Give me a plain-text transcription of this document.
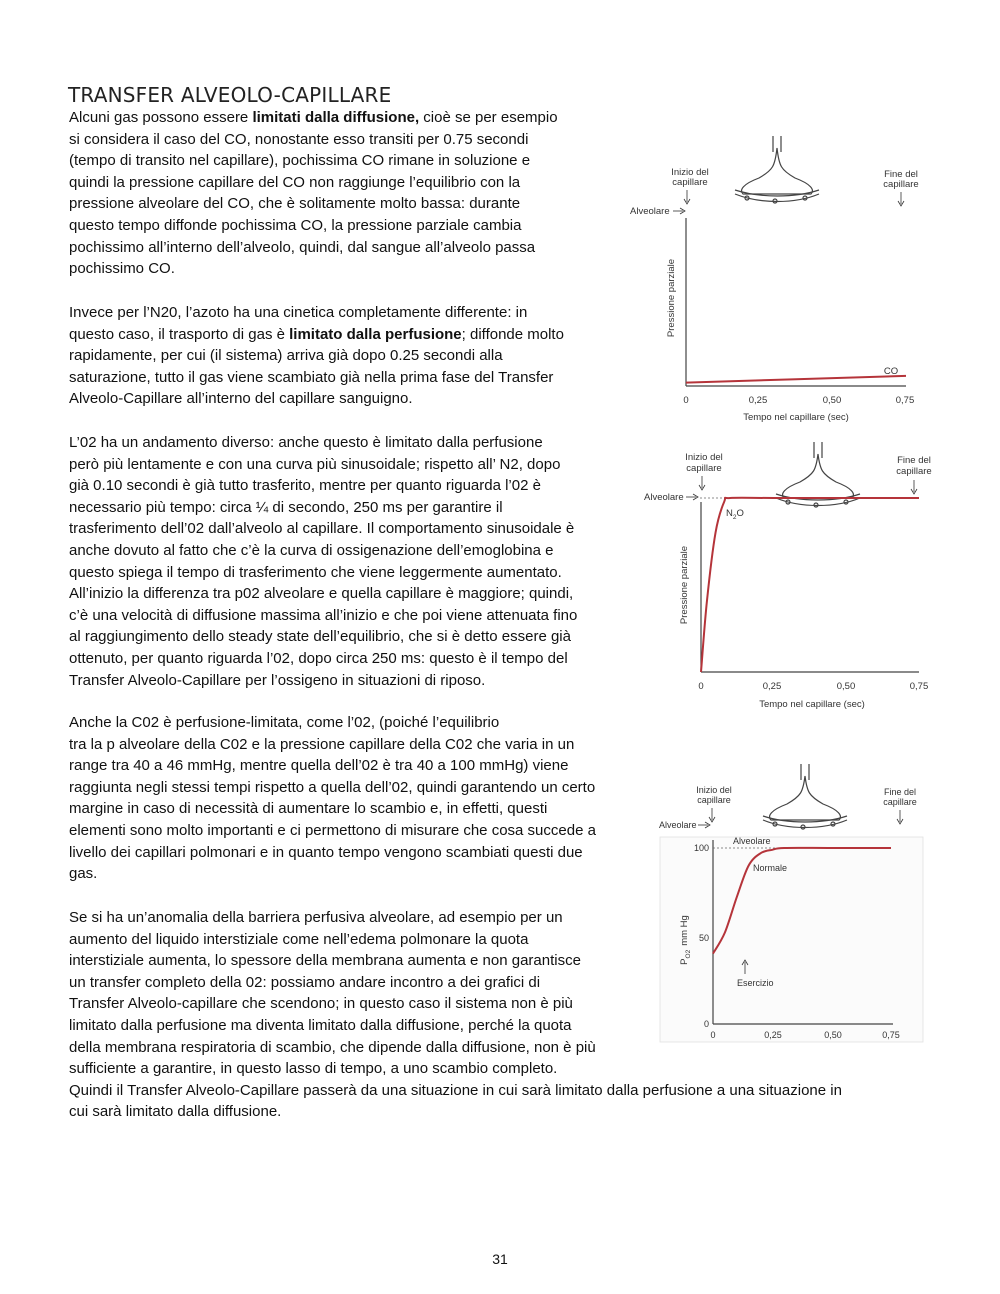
TRANSFER ALVEOLO-CAPILLARE
Alcuni gas possono essere limitati dalla diffusione, cioè se per esempio
si considera il caso del CO, nonostante esso transiti per 0.75 secondi
(tempo di transito nel capillare), pochissima CO rimane in soluzione e
quindi la pressione capillare del CO non raggiunge l’equilibrio con la
pressione alveolare del CO, che è solitamente molto bassa: durante
questo tempo diffonde pochissima CO, la pressione parziale cambia
pochissimo all’interno dell’alveolo, quindi, dal sangue all’alveolo passa
pochissimo CO.
Invece per l’N20, l’azoto ha una cinetica completamente differente: in
questo caso, il trasporto di gas è limitato dalla perfusione; diffonde molto
rapidamente, per cui (il sistema) arriva già dopo 0.25 secondi alla
saturazione, tutto il gas viene scambiato già nella prima fase del Transfer
Alveolo-Capillare all’interno del capillare sanguigno.
L’02 ha un andamento diverso: anche questo è limitato dalla perfusione
però più lentamente e con una curva più sinusoidale; rispetto all’ N2, dopo
già 0.10 secondi è già tutto trasferito, mentre per quanto riguarda l’02 è
necessario più tempo: circa ¼ di secondo, 250 ms per garantire il
trasferimento dell’02 dall’alveolo al capillare. Il comportamento sinusoidale è
anche dovuto al fatto che c’è la curva di ossigenazione dell’emoglobina e
questo spiega il tempo di trasferimento che viene leggermente aumentato.
All’inizio la differenza tra p02 alveolare e quella capillare è maggiore; quindi,
c’è una velocità di diffusione massima all’inizio e che poi viene attenuata fino
al raggiungimento dello steady state dell’equilibrio, che si è detto essere già
ottenuto, per quanto riguarda l’02, dopo circa 250 ms: questo è il tempo del
Transfer Alveolo-Capillare per l’ossigeno in situazioni di riposo.
Anche la C02 è perfusione-limitata, come l’02, (poiché l’equilibrio
tra la p alveolare della C02 e la pressione capillare della C02 che varia in un
range tra 40 a 46 mmHg, mentre quella dell’02 è tra 40 a 100 mmHg) viene
raggiunta negli stessi tempi rispetto a quella dell’02, quindi garantendo un certo
margine in caso di necessità di aumentare lo scambio e, in effetti, questi
elementi sono molto importanti e ci permettono di misurare che cosa succede a
livello dei capillari polmonari e in quanto tempo vengono scambiati questi due
gas.
Se si ha un’anomalia della barriera perfusiva alveolare, ad esempio per un
aumento del liquido interstiziale come nell’edema polmonare la quota
interstiziale aumenta, lo spessore della membrana aumenta e non garantisce
un transfer completo della 02: possiamo andare incontro a dei grafici di
Transfer Alveolo-capillare che scendono; in questo caso il sistema non è più
limitato dalla perfusione ma diventa limitato dalla diffusione, perché la quota
della membrana respiratoria di scambio, che dipende dalla diffusione, non è più
sufficiente a garantire, in questo lasso di tempo, a uno scambio completo.
Quindi il Transfer Alveolo-Capillare passerà da una situazione in cui sarà limitato dalla perfusione a una situazione in
cui sarà limitato dalla diffusione.
Inizio del
capillare
Fine del
capillare
Alveolare
Pressione parziale
0	0,25	0,50	0,75
Tempo nel capillare (sec)
CO
Inizio del
capillare
Fine del
capillare
Alveolare
Pressione parziale
0	0,25	0,50	0,75
Tempo nel capillare (sec)
$N_2O$
Inizio del
capillare
Fine del
capillare
Alveolare
100
50
0
$P_{O2}mm$ Hg
0	0,25	0,50	0,75
Alveolare
Normale
Esercizio
31
